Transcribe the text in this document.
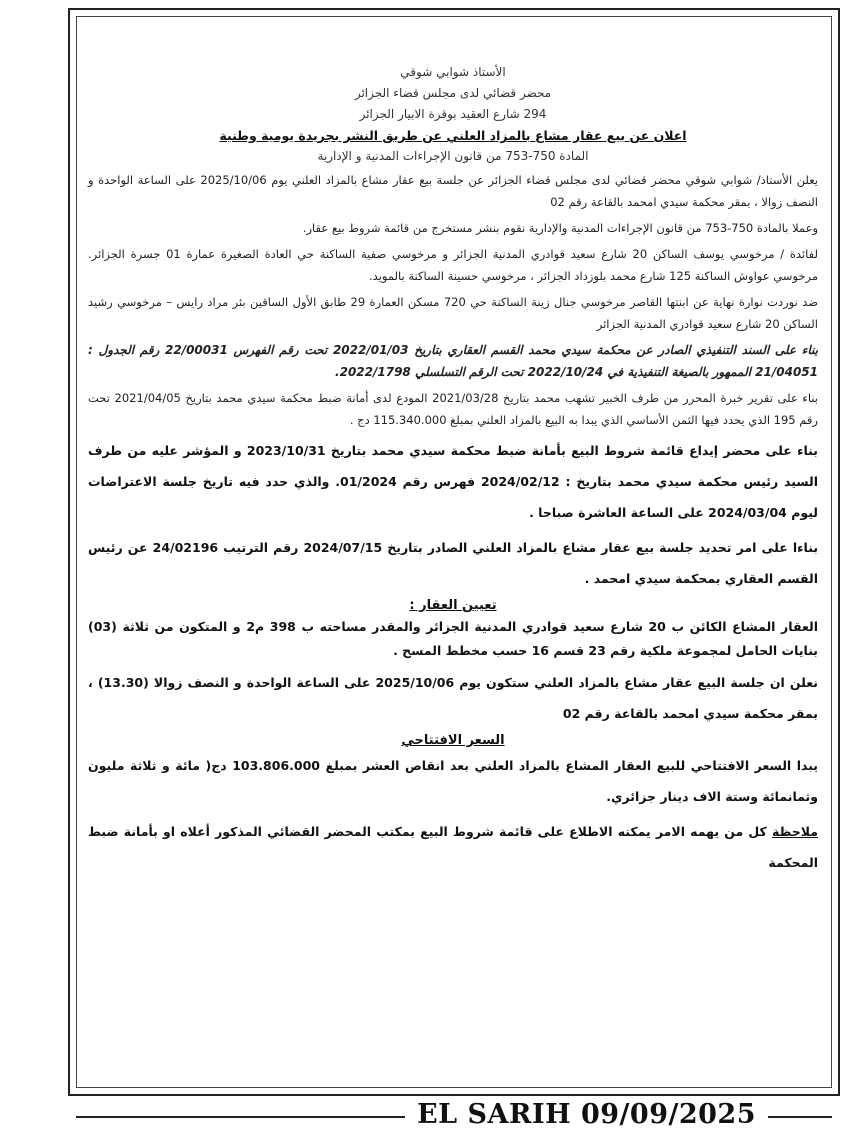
الأستاذ شوابي شوقي
محضر قضائي لدى مجلس قضاء الجزائر
294 شارع العقيد بوقرة الابيار الجزائر
اعلان عن بيع عقار مشاع بالمزاد العلني عن طريق النشر بجريدة يومية وطنية
المادة 750-753 من قانون الإجراءات المدنية و الإدارية

يعلن الأستاذ/ شوابي شوقي محضر قضائي لدى مجلس قضاء الجزائر عن جلسة بيع عقار مشاع بالمزاد العلني يوم 2025/10/06 على الساعة الواحدة و النصف زوالا ، بمقر محكمة سيدي امحمد بالقاعة رقم 02

وعملا بالمادة 750-753 من قانون الإجراءات المدنية والإدارية نقوم بنشر مستخرج من قائمة شروط بيع عقار.

لفائدة / مرخوسي يوسف الساكن 20 شارع سعيد قوادري المدنية الجزائر و مرخوسي صفية الساكنة حي العادة الصغيرة عمارة 01 جسرة الجزائر. مرخوسي عواوش الساكنة 125 شارع محمد بلوزداد الجزائر ، مرخوسي حسينة الساكنة بالمويد.

ضد نوردت نوارة نهاية عن ابنتها القاصر مرخوسي جنال زينة الساكنة حي 720 مسكن العمارة 29 طابق الأول الساقين بئر مراد رايس – مرخوسي رشيد الساكن 20 شارع سعيد قوادري المدنية الجزائر

بناء على السند التنفيذي الصادر عن محكمة سيدي محمد القسم العقاري بتاريخ 2022/01/03 تحت رقم الفهرس 22/00031 رقم الجدول : 21/04051 الممهور بالصيغة التنفيذية في 2022/10/24 تحت الرقم التسلسلي 2022/1798.

بناء على تقرير خبرة المحرر من طرف الخبير تشهب محمد بتاريخ 2021/03/28 المودع لدى أمانة ضبط محكمة سيدي محمد بتاريخ 2021/04/05 تحت رقم 195 الذي يحدد فيها الثمن الأساسي الذي يبدا به البيع بالمزاد العلني بمبلغ 115.340.000 دج .

بناء على محضر إيداع قائمة شروط البيع بأمانة ضبط محكمة سيدي محمد بتاريخ 2023/10/31 و المؤشر عليه من طرف السيد رئيس محكمة سيدي محمد بتاريخ : 2024/02/12 فهرس رقم 01/2024. والذي حدد فيه تاريخ جلسة الاعتراضات ليوم 2024/03/04 على الساعة العاشرة صباحا .

بناءا على امر تحديد جلسة بيع عقار مشاع بالمزاد العلني الصادر بتاريخ 2024/07/15 رقم الترتيب 24/02196 عن رئيس القسم العقاري بمحكمة سيدي امحمد .

تعيين العقار :

العقار المشاع الكائن ب 20 شارع سعيد قوادري المدنية الجزائر والمقدر مساحته ب 398 م2 و المتكون من ثلاثة (03) بنايات الحامل لمجموعة ملكية رقم 23 قسم 16 حسب مخطط المسح .

نعلن ان جلسة البيع عقار مشاع بالمزاد العلني ستكون يوم 2025/10/06 على الساعة الواحدة و النصف زوالا (13.30) ، بمقر محكمة سيدي امحمد بالقاعة رقم 02

السعر الافتتاحي

يبدا السعر الافتتاحي للبيع العقار المشاع بالمزاد العلني بعد انقاص العشر بمبلغ 103.806.000 دج( مائة و ثلاثة مليون وثمانمائة وستة الاف دينار جزائري.

ملاحظة كل من يهمه الامر يمكنه الاطلاع على قائمة شروط البيع بمكتب المحضر القضائي المذكور أعلاه او بأمانة ضبط المحكمة

EL SARIH 09/09/2025
